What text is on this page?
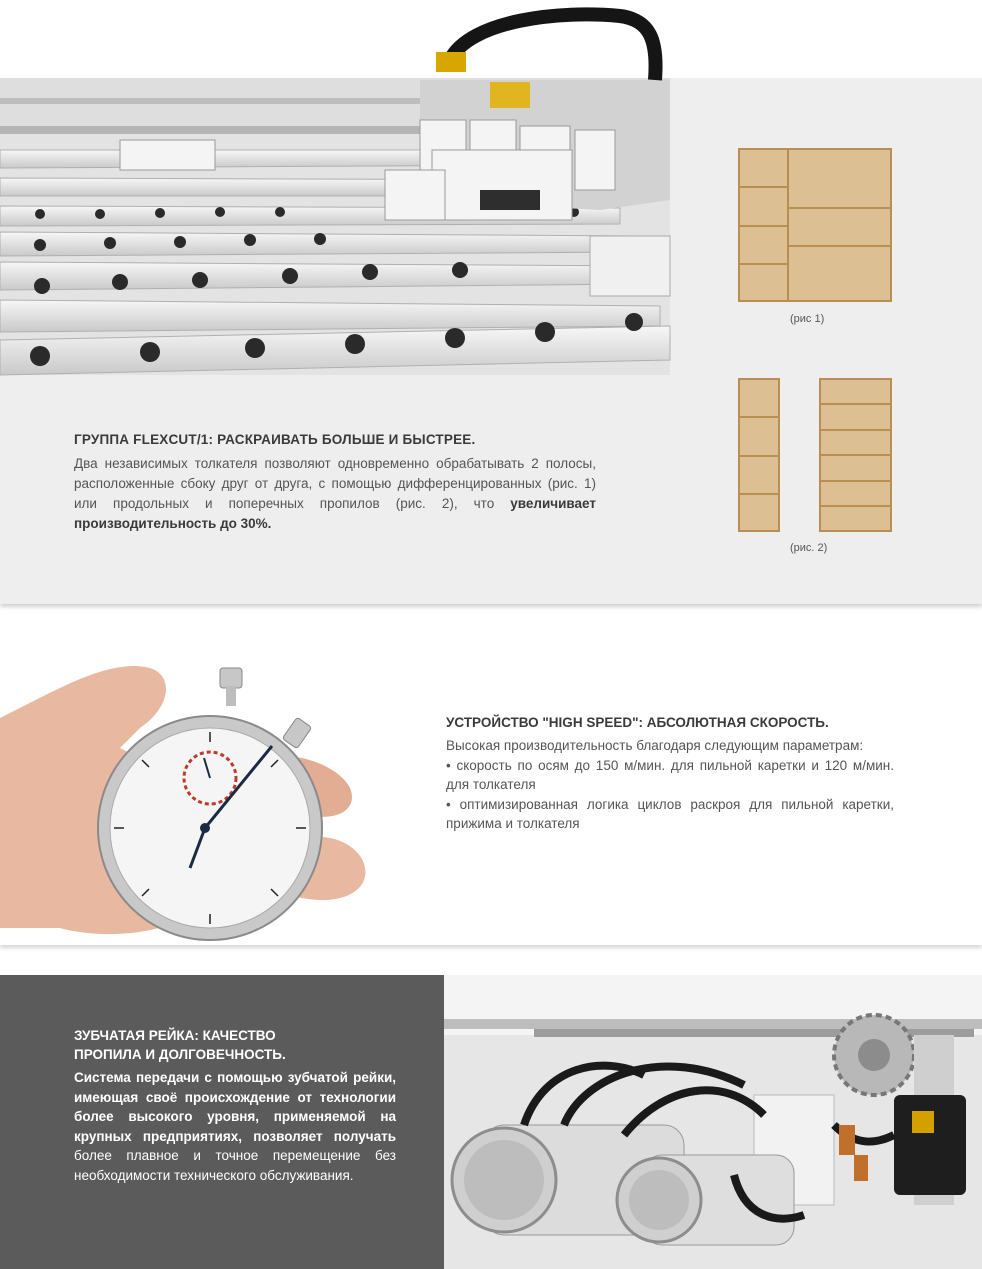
(рис 1)
(рис. 2)
ГРУППА FLEXCUT/1: РАСКРАИВАТЬ БОЛЬШЕ И БЫСТРЕЕ.
Два независимых толкателя позволяют одновременно обрабатывать 2 полосы, расположенные сбоку друг от друга, с помощью дифференцированных (рис. 1) или продольных и поперечных пропилов (рис. 2), что увеличивает производительность до 30%.
УСТРОЙСТВО "HIGH SPEED": АБСОЛЮТНАЯ СКОРОСТЬ.

Высокая производительность благодаря следующим параметрам:

• скорость по осям до 150 м/мин. для пильной каретки и 120 м/мин. для толкателя

• оптимизированная логика циклов раскроя для пильной каретки, прижима и толкателя

ЗУБЧАТАЯ РЕЙКА: КАЧЕСТВО
ПРОПИЛА И ДОЛГОВЕЧНОСТЬ.
Система передачи с помощью зубчатой рейки, имеющая своё происхождение от технологии более высокого уровня, применяемой на крупных предприятиях, позволяет получать более плавное и точное перемещение без необходимости технического обслуживания.
